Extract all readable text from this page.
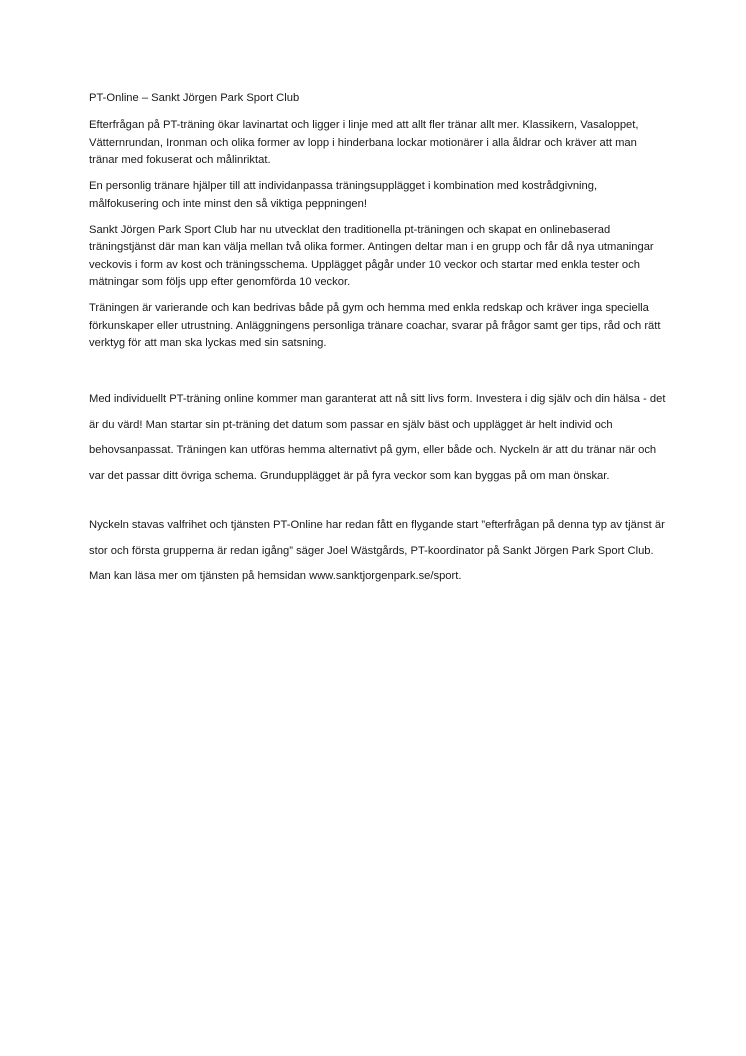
PT-Online – Sankt Jörgen Park Sport Club
Efterfrågan på PT-träning ökar lavinartat och ligger i linje med att allt fler tränar allt mer. Klassikern, Vasaloppet, Vätternrundan, Ironman och olika former av lopp i hinderbana lockar motionärer i alla åldrar och kräver att man tränar med fokuserat och målinriktat.
En personlig tränare hjälper till att individanpassa träningsupplägget i kombination med kostrådgivning, målfokusering och inte minst den så viktiga peppningen!
Sankt Jörgen Park Sport Club har nu utvecklat den traditionella pt-träningen och skapat en onlinebaserad träningstjänst där man kan välja mellan två olika former. Antingen deltar man i en grupp och får då nya utmaningar veckovis i form av kost och träningsschema. Upplägget pågår under 10 veckor och startar med enkla tester och mätningar som följs upp efter genomförda 10 veckor.
Träningen är varierande och kan bedrivas både på gym och hemma med enkla redskap och kräver inga speciella förkunskaper eller utrustning. Anläggningens personliga tränare coachar, svarar på frågor samt ger tips, råd och rätt verktyg för att man ska lyckas med sin satsning.
Med individuellt PT-träning online kommer man garanterat att nå sitt livs form. Investera i dig själv och din hälsa - det är du värd! Man startar sin pt-träning det datum som passar en själv bäst och upplägget är helt individ och behovsanpassat. Träningen kan utföras hemma alternativt på gym, eller både och. Nyckeln är att du tränar när och var det passar ditt övriga schema. Grundupplägget är på fyra veckor som kan byggas på om man önskar.
Nyckeln stavas valfrihet och tjänsten PT-Online har redan fått en flygande start ”efterfrågan på denna typ av tjänst är stor och första grupperna är redan igång” säger Joel Wästgårds, PT-koordinator på Sankt Jörgen Park Sport Club. Man kan läsa mer om tjänsten på hemsidan www.sanktjorgenpark.se/sport.
